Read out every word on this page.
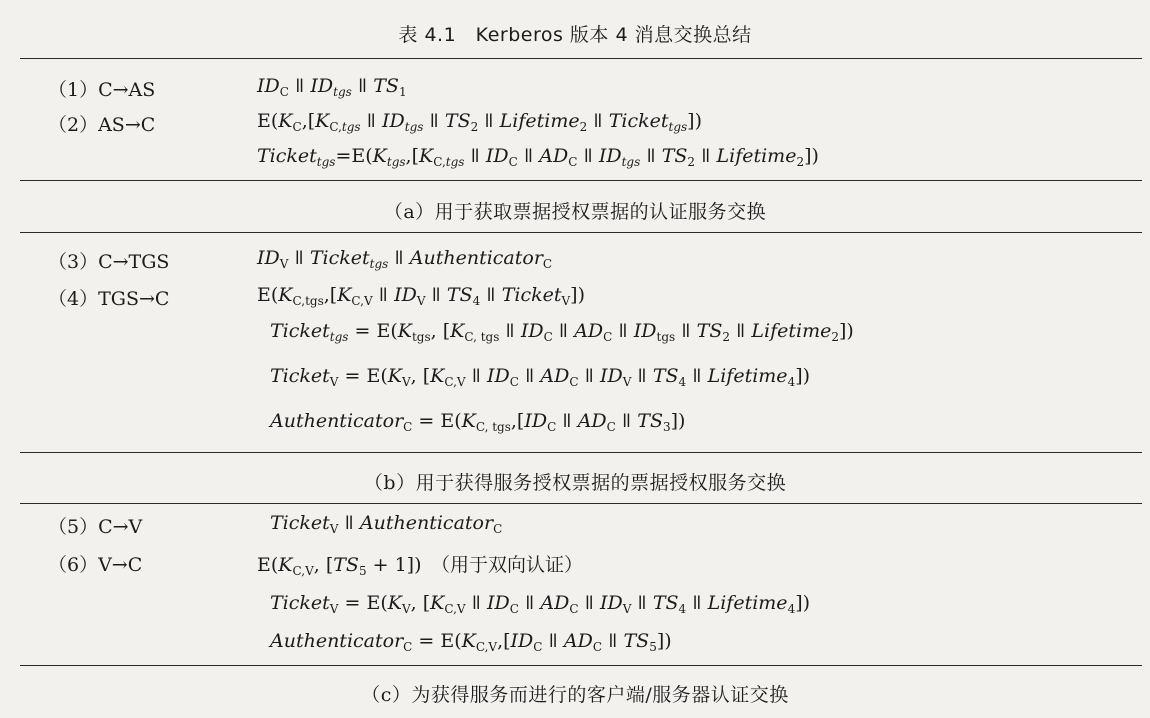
表 4.1　Kerberos 版本 4 消息交换总结
（1）C→AS	$ID_C$ ǁ $ID_{tgs}$ ǁ $TS_1$
（2）AS→C	$E(K_C,[K_{C,tgs}$ ǁ $ID_{tgs}$ ǁ $TS_2$ ǁ Lifetime$_2$ ǁ Ticket$_{tgs}$])
$Ticket_{tgs}=E(K_{tgs},[K_{C,tgs}$ ǁ $ID_C$ ǁ $AD_C$ ǁ $ID_{tgs}$ ǁ $TS_2$ ǁ Lifetime$_2$])
（a）用于获取票据授权票据的认证服务交换
（3）C→TGS	$ID_V$ ǁ Ticket$_{tgs}$ ǁ Authenticator$_C$
（4）TGS→C	$E(K_{C,tgs},[K_{C,V}$ ǁ $ID_V$ ǁ $TS_4$ ǁ Ticket$_V$])
Ticket$_{tgs}$ = $E(K_{tgs}$, [$K_{C, tgs}$ ǁ $ID_C$ ǁ $AD_C$ ǁ $ID_{tgs}$ ǁ $TS_2$ ǁ Lifetime$_2$])
Ticket$_V$ = $E(K_V$, [$K_{C,V}$ ǁ $ID_C$ ǁ $AD_C$ ǁ $ID_V$ ǁ $TS_4$ ǁ Lifetime$_4$])
Authenticator$_C$ = $E(K_{C, tgs},[ID_C$ ǁ $AD_C$ ǁ $TS_3$])
（b）用于获得服务授权票据的票据授权服务交换
（5）C→V	Ticket$_V$ ǁ Authenticator$_C$
（6）V→C	$E(K_{C,V}$, $[TS_5 + 1]$)　（用于双向认证）
Ticket$_V$ = $E(K_V$, [$K_{C,V}$ ǁ $ID_C$ ǁ $AD_C$ ǁ $ID_V$ ǁ $TS_4$ ǁ Lifetime$_4$])
Authenticator$_C$ = $E(K_{C,V},[ID_C$ ǁ $AD_C$ ǁ $TS_5$])
（c）为获得服务而进行的客户端/服务器认证交换
